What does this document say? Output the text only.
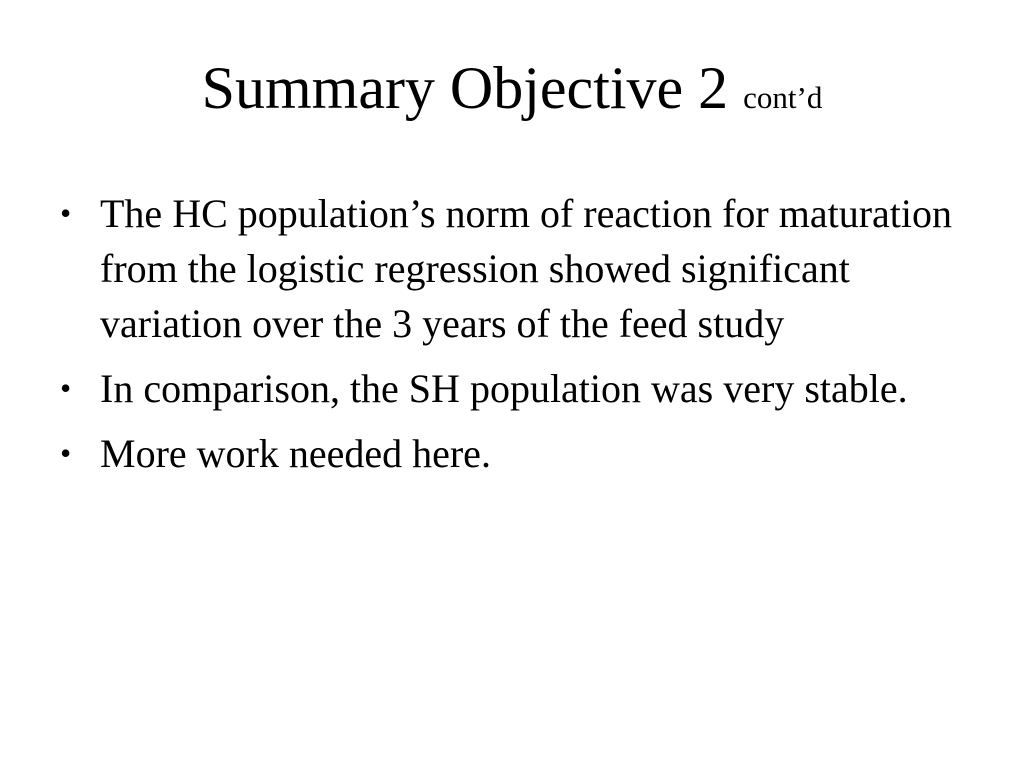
Summary Objective 2 cont’d
• The HC population’s norm of reaction for maturation from the logistic regression showed significant variation over the 3 years of the feed study
• In comparison, the SH population was very stable.
• More work needed here.
